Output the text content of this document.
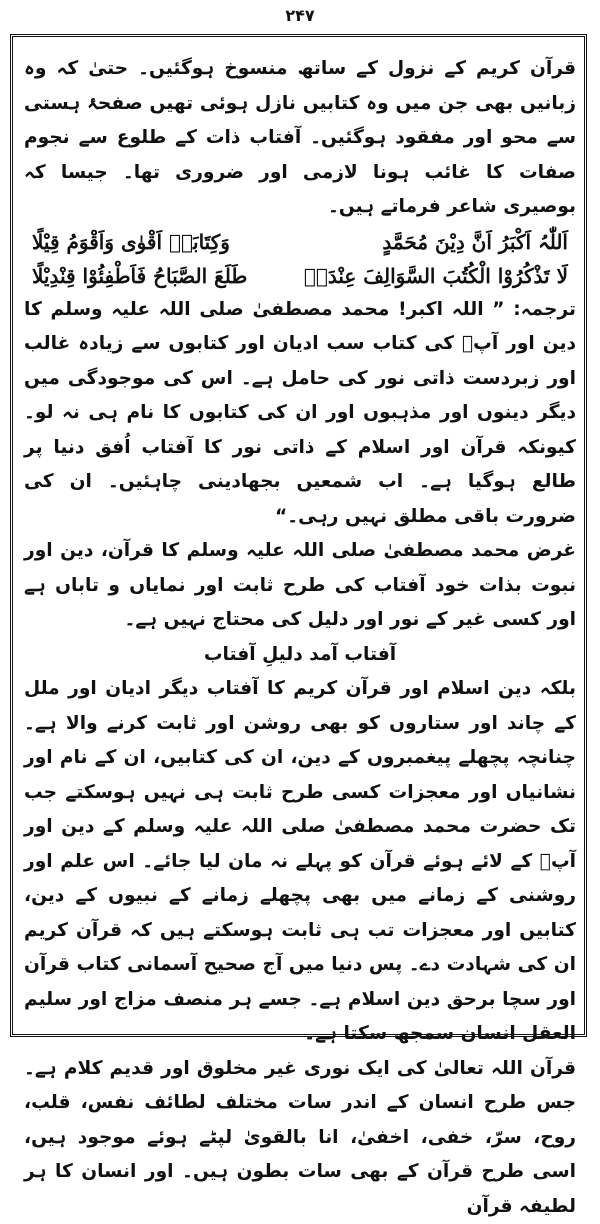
۲۴۷

قرآن کریم کے نزول کے ساتھ منسوخ ہوگئیں۔ حتیٰ کہ وہ زبانیں بھی جن میں وہ کتابیں نازل ہوئی تھیں صفحۂ ہستی سے محو اور مفقود ہوگئیں۔ آفتاب ذات کے طلوع سے نجوم صفات کا غائب ہونا لازمی اور ضروری تھا۔ جیسا کہ بوصیری شاعر فرماتے ہیں۔

اَللّٰہُ اَکْبَرُ اَنَّ دِیْنَ مُحَمَّدٍ
وَکِتَابَہٗ اَقْوٰی وَاَقْوَمُ قِیْلًا
لَا تَذْکُرُوْا الْکُتُبَ السَّوَالِفَ عِنْدَہٗ
طَلَعَ الصَّبَاحُ فَاَطْفِئُوْا قِنْدِیْلًا

ترجمہ: ” اللہ اکبر! محمد مصطفیٰ صلی اللہ علیہ وسلم کا دین اور آپؐ کی کتاب سب ادیان اور کتابوں سے زیادہ غالب اور زبردست ذاتی نور کی حامل ہے۔ اس کی موجودگی میں دیگر دینوں اور مذہبوں اور ان کی کتابوں کا نام ہی نہ لو۔ کیونکہ قرآن اور اسلام کے ذاتی نور کا آفتاب اُفق دنیا پر طالع ہوگیا ہے۔ اب شمعیں بجھادینی چاہئیں۔ ان کی ضرورت باقی مطلق نہیں رہی۔“

غرض محمد مصطفیٰ صلی اللہ علیہ وسلم کا قرآن، دین اور نبوت بذات خود آفتاب کی طرح ثابت اور نمایاں و تاباں ہے اور کسی غیر کے نور اور دلیل کی محتاج نہیں ہے۔

آفتاب آمد دلیلِ آفتاب

بلکہ دین اسلام اور قرآن کریم کا آفتاب دیگر ادیان اور ملل کے چاند اور ستاروں کو بھی روشن اور ثابت کرنے والا ہے۔ چنانچہ پچھلے پیغمبروں کے دین، ان کی کتابیں، ان کے نام اور نشانیاں اور معجزات کسی طرح ثابت ہی نہیں ہوسکتے جب تک حضرت محمد مصطفیٰ صلی اللہ علیہ وسلم کے دین اور آپؐ کے لائے ہوئے قرآن کو پہلے نہ مان لیا جائے۔ اس علم اور روشنی کے زمانے میں بھی پچھلے زمانے کے نبیوں کے دین، کتابیں اور معجزات تب ہی ثابت ہوسکتے ہیں کہ قرآن کریم ان کی شہادت دے۔ پس دنیا میں آج صحیح آسمانی کتاب قرآن اور سچا برحق دین اسلام ہے۔ جسے ہر منصف مزاج اور سلیم العقل انسان سمجھ سکتا ہے۔

قرآن اللہ تعالیٰ کی ایک نوری غیر مخلوق اور قدیم کلام ہے۔ جس طرح انسان کے اندر سات مختلف لطائف نفس، قلب، روح، سرّ، خفی، اخفیٰ، انا بالقویٰ لپٹے ہوئے موجود ہیں، اسی طرح قرآن کے بھی سات بطون ہیں۔ اور انسان کا ہر لطیفہ قرآن
